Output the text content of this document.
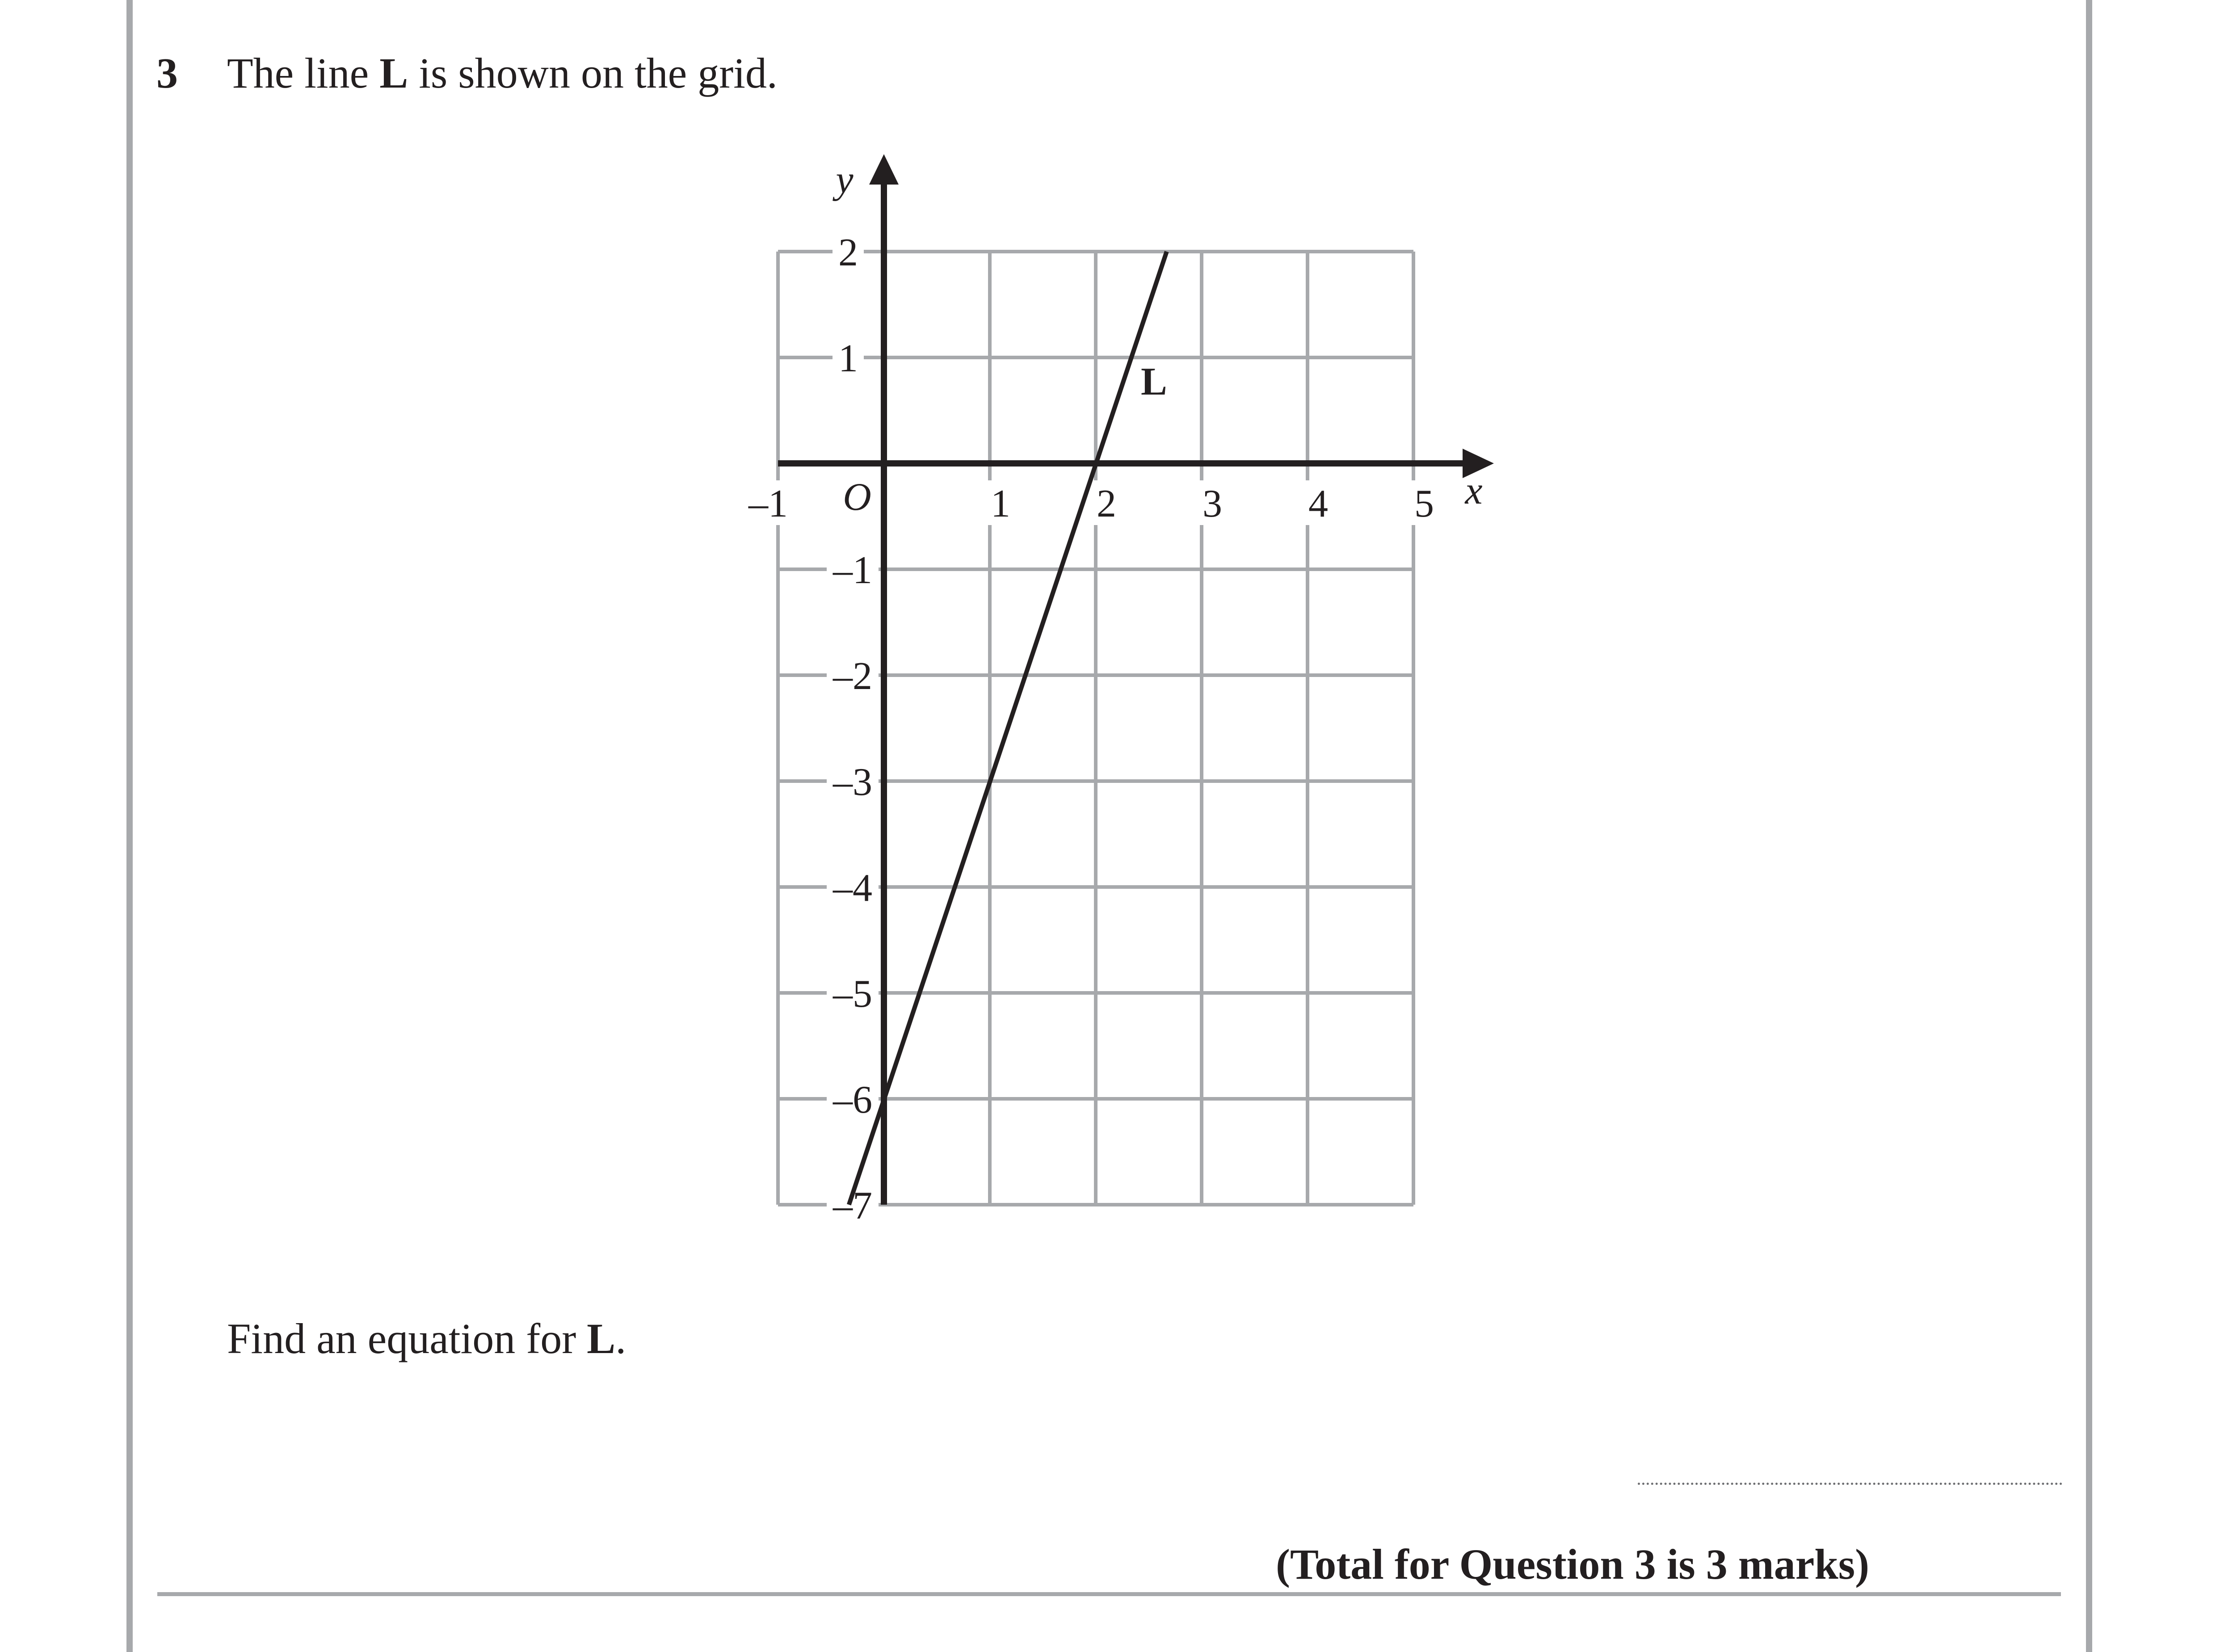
3 The line L is shown on the grid.
–1	1 2 3 4 5
2
1
–1
–2
–3
–4
–5
–6
–7
O	x
y
L
Find an equation for L.
(Total for Question 3 is 3 marks)
